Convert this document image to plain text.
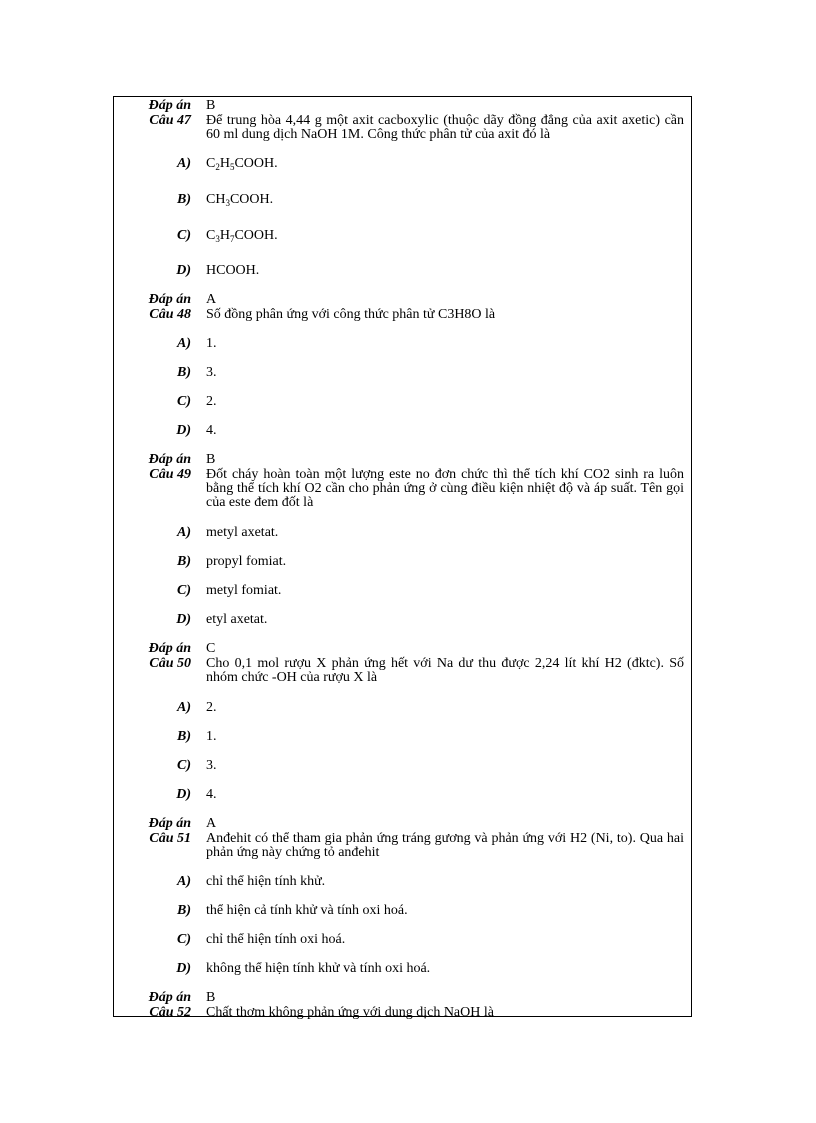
Đáp án B
Câu 47 Để trung hòa 4,44 g một axit cacboxylic (thuộc dãy đồng đẳng của axit axetic) cần 60 ml dung dịch NaOH 1M. Công thức phân tử của axit đó là
A) $C_2H_5COOH$.
B) $CH_3COOH$.
C) $C_3H_7COOH$.
D) HCOOH.
Đáp án A
Câu 48 Số đồng phân ứng với công thức phân tử C3H8O là
A) 1.
B) 3.
C) 2.
D) 4.
Đáp án B
Câu 49 Đốt cháy hoàn toàn một lượng este no đơn chức thì thể tích khí CO2 sinh ra luôn bằng thể tích khí O2 cần cho phản ứng ở cùng điều kiện nhiệt độ và áp suất. Tên gọi của este đem đốt là
A) metyl axetat.
B) propyl fomiat.
C) metyl fomiat.
D) etyl axetat.
Đáp án C
Câu 50 Cho 0,1 mol rượu X phản ứng hết với Na dư thu được 2,24 lít khí H2 (đktc). Số nhóm chức -OH của rượu X là
A) 2.
B) 1.
C) 3.
D) 4.
Đáp án A
Câu 51 Anđehit có thể tham gia phản ứng tráng gương và phản ứng với H2 (Ni, to). Qua hai phản ứng này chứng tỏ anđehit
A) chỉ thể hiện tính khử.
B) thể hiện cả tính khử và tính oxi hoá.
C) chỉ thể hiện tính oxi hoá.
D) không thể hiện tính khử và tính oxi hoá.
Đáp án B
Câu 52 Chất thơm không phản ứng với dung dịch NaOH là
